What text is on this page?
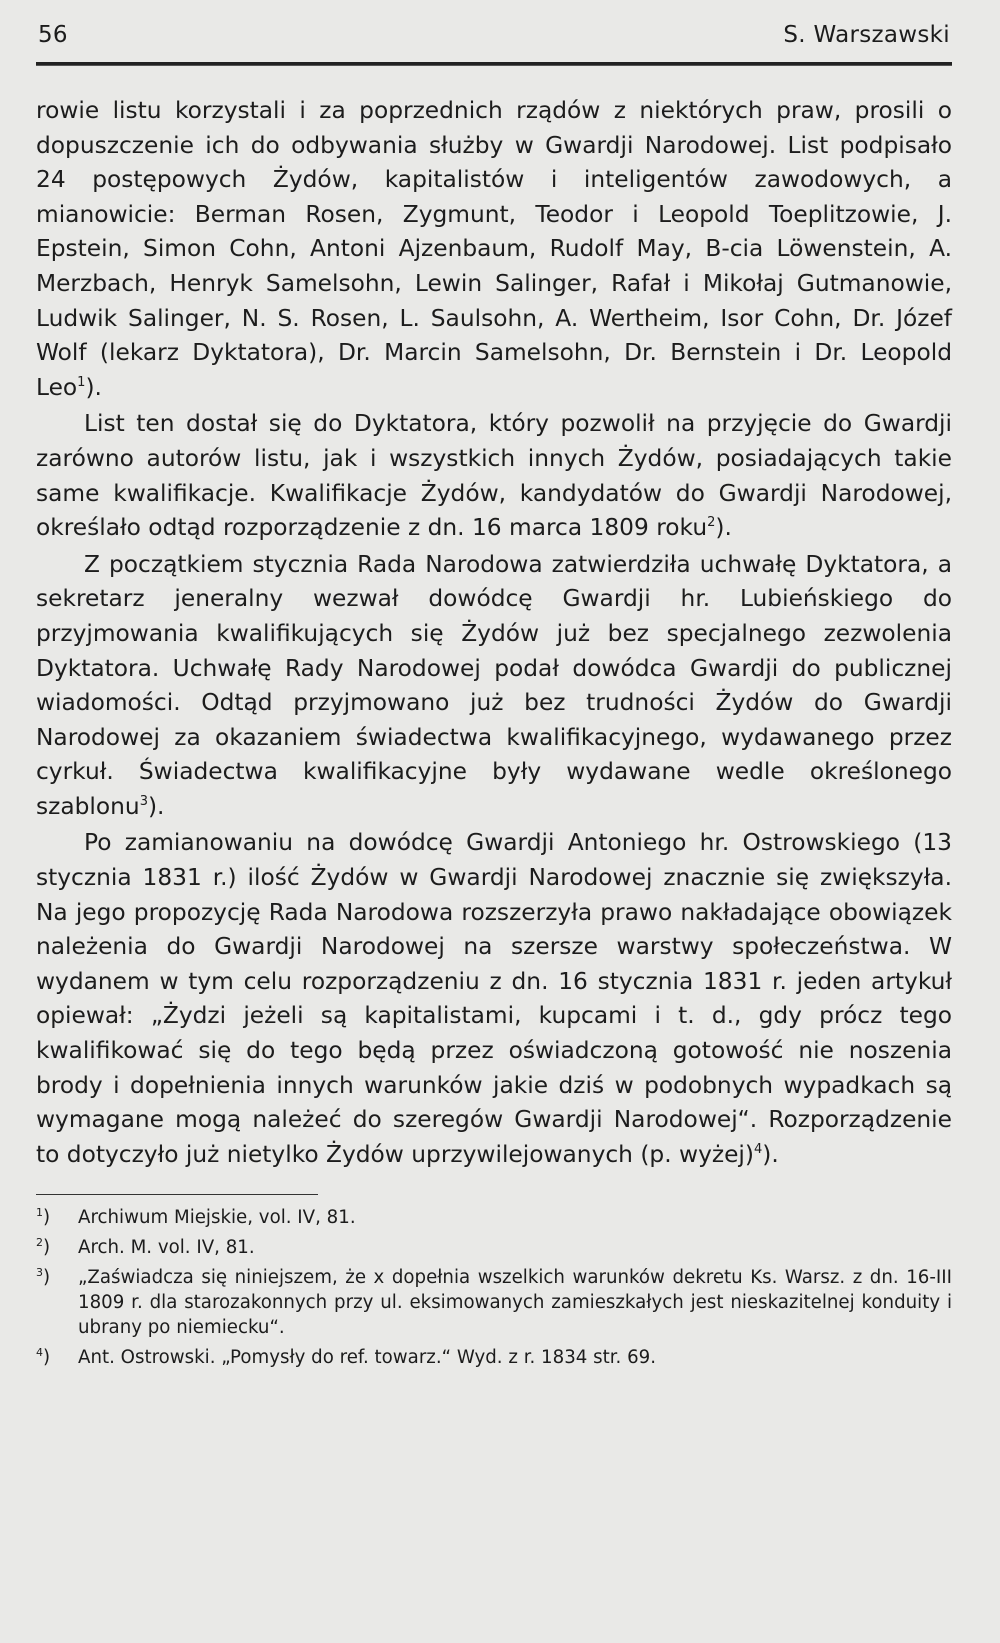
56	S. Warszawski

rowie listu korzystali i za poprzednich rządów z niektórych praw, prosili o dopuszczenie ich do odbywania służby w Gwardji Narodowej. List podpisało 24 postępowych Żydów, kapitalistów i inteligentów zawodowych, a mianowicie: Berman Rosen, Zygmunt, Teodor i Leopold Toeplitzowie, J. Epstein, Simon Cohn, Antoni Ajzenbaum, Rudolf May, B-cia Löwenstein, A. Merzbach, Henryk Samelsohn, Lewin Salinger, Rafał i Mikołaj Gutmanowie, Ludwik Salinger, N. S. Rosen, L. Saulsohn, A. Wertheim, Isor Cohn, Dr. Józef Wolf (lekarz Dyktatora), Dr. Marcin Samelsohn, Dr. Bernstein i Dr. Leopold Leo$^1$).

List ten dostał się do Dyktatora, który pozwolił na przyjęcie do Gwardji zarówno autorów listu, jak i wszystkich innych Żydów, posiadających takie same kwalifikacje. Kwalifikacje Żydów, kandydatów do Gwardji Narodowej, określało odtąd rozporządzenie z dn. 16 marca 1809 roku$^2$).

Z początkiem stycznia Rada Narodowa zatwierdziła uchwałę Dyktatora, a sekretarz jeneralny wezwał dowódcę Gwardji hr. Lubieńskiego do przyjmowania kwalifikujących się Żydów już bez specjalnego zezwolenia Dyktatora. Uchwałę Rady Narodowej podał dowódca Gwardji do publicznej wiadomości. Odtąd przyjmowano już bez trudności Żydów do Gwardji Narodowej za okazaniem świadectwa kwalifikacyjnego, wydawanego przez cyrkuł. Świadectwa kwalifikacyjne były wydawane wedle określonego szablonu$^3$).

Po zamianowaniu na dowódcę Gwardji Antoniego hr. Ostrowskiego (13 stycznia 1831 r.) ilość Żydów w Gwardji Narodowej znacznie się zwiększyła. Na jego propozycję Rada Narodowa rozszerzyła prawo nakładające obowiązek należenia do Gwardji Narodowej na szersze warstwy społeczeństwa. W wydanem w tym celu rozporządzeniu z dn. 16 stycznia 1831 r. jeden artykuł opiewał: „Żydzi jeżeli są kapitalistami, kupcami i t. d., gdy prócz tego kwalifikować się do tego będą przez oświadczoną gotowość nie noszenia brody i dopełnienia innych warunków jakie dziś w podobnych wypadkach są wymagane mogą należeć do szeregów Gwardji Narodowej“. Rozporządzenie to dotyczyło już nietylko Żydów uprzywilejowanych (p. wyżej)$^4$).

$^1$)	Archiwum Miejskie, vol. IV, 81.
$^2$)	Arch. M. vol. IV, 81.
$^3$)	„Zaświadcza się niniejszem, że x dopełnia wszelkich warunków dekretu Ks. Warsz. z dn. 16-III 1809 r. dla starozakonnych przy ul. eksimowanych zamieszkałych jest nieskazitelnej konduity i ubrany po niemiecku“.
$^4$)	Ant. Ostrowski. „Pomysły do ref. towarz.“ Wyd. z r. 1834 str. 69.
